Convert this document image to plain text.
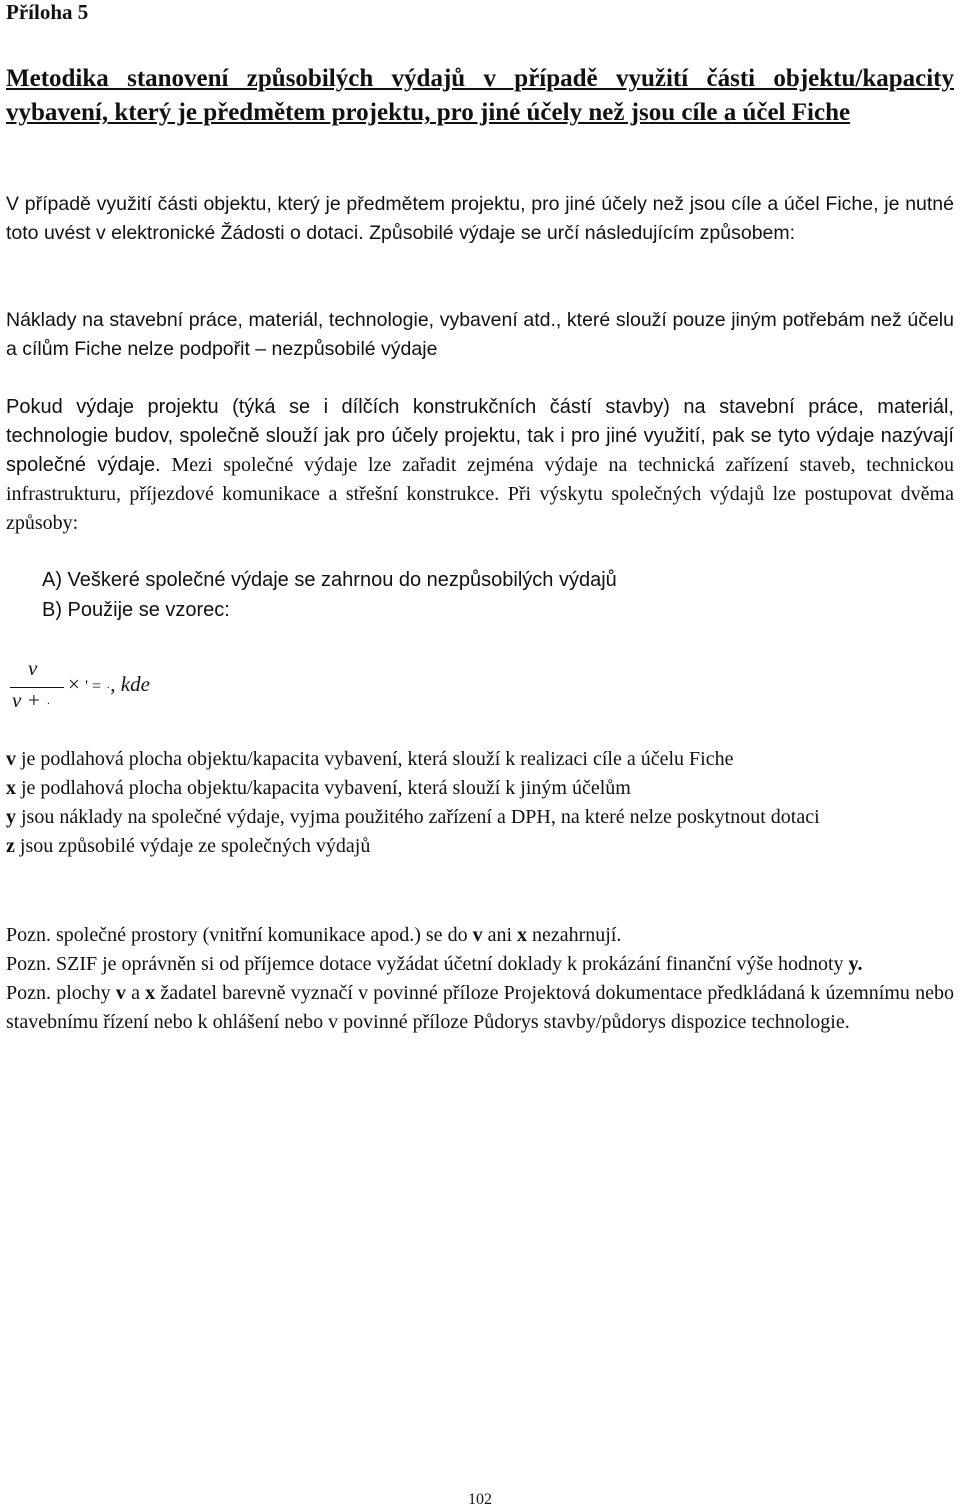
Příloha 5
Metodika stanovení způsobilých výdajů v případě využití části objektu/kapacity vybavení, který je předmětem projektu, pro jiné účely než jsou cíle a účel Fiche
V případě využití části objektu, který je předmětem projektu, pro jiné účely než jsou cíle a účel Fiche, je nutné toto uvést v elektronické Žádosti o dotaci. Způsobilé výdaje se určí následujícím způsobem:
Náklady na stavební práce, materiál, technologie, vybavení atd., které slouží pouze jiným potřebám než účelu a cílům Fiche nelze podpořit – nezpůsobilé výdaje
Pokud výdaje projektu (týká se i dílčích konstrukčních částí stavby) na stavební práce, materiál, technologie budov, společně slouží jak pro účely projektu, tak i pro jiné využití, pak se tyto výdaje nazývají společné výdaje. Mezi společné výdaje lze zařadit zejména výdaje na technická zařízení staveb, technickou infrastrukturu, příjezdové komunikace a střešní konstrukce. Při výskytu společných výdajů lze postupovat dvěma způsoby:
A) Veškeré společné výdaje se zahrnou do nezpůsobilých výdajů
B) Použije se vzorec:
v
v + ·
× ' = ·, kde
v je podlahová plocha objektu/kapacita vybavení, která slouží k realizaci cíle a účelu Fiche
x je podlahová plocha objektu/kapacita vybavení, která slouží k jiným účelům
y jsou náklady na společné výdaje, vyjma použitého zařízení a DPH, na které nelze poskytnout dotaci
z jsou způsobilé výdaje ze společných výdajů
Pozn. společné prostory (vnitřní komunikace apod.) se do v ani x nezahrnují.
Pozn. SZIF je oprávněn si od příjemce dotace vyžádat účetní doklady k prokázání finanční výše hodnoty y.
Pozn. plochy v a x žadatel barevně vyznačí v povinné příloze Projektová dokumentace předkládaná k územnímu nebo stavebnímu řízení nebo k ohlášení nebo v povinné příloze Půdorys stavby/půdorys dispozice technologie.
102
